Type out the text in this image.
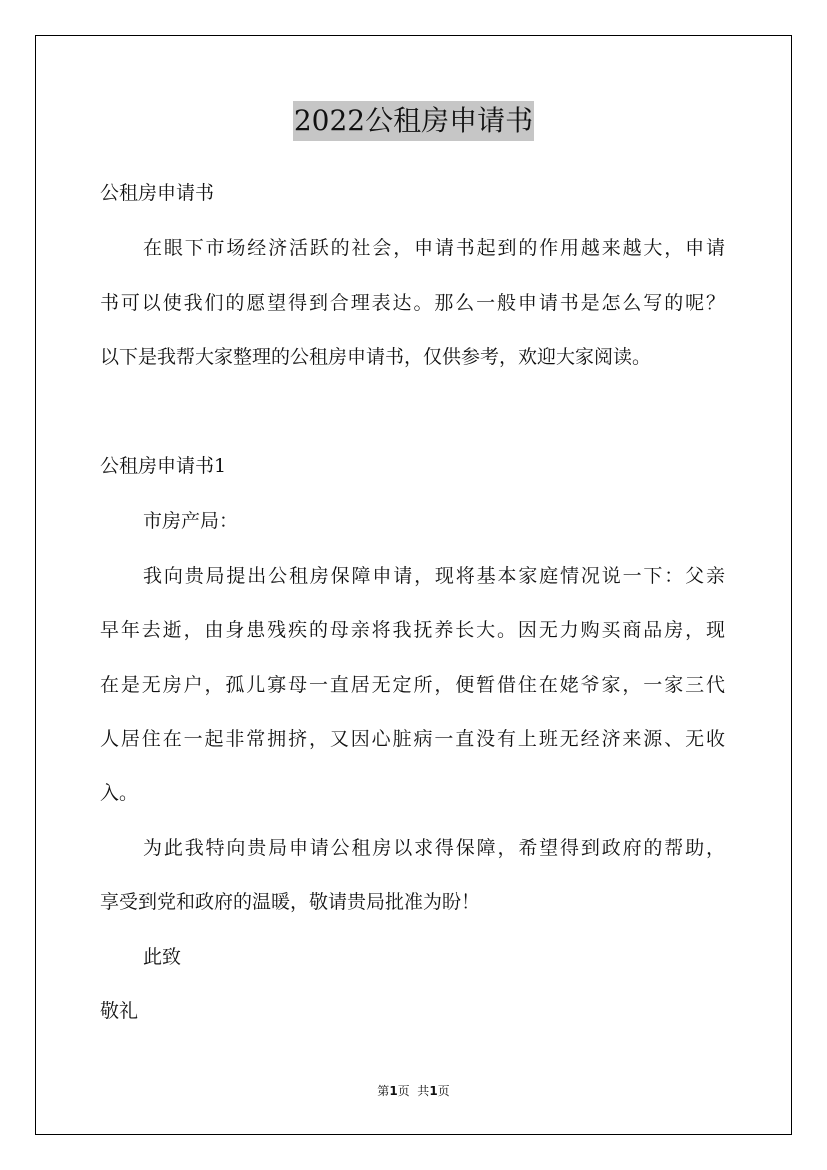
2022公租房申请书
公租房申请书
在眼下市场经济活跃的社会，申请书起到的作用越来越大，申请
书可以使我们的愿望得到合理表达。那么一般申请书是怎么写的呢？
以下是我帮大家整理的公租房申请书，仅供参考，欢迎大家阅读。
公租房申请书1
市房产局：
我向贵局提出公租房保障申请，现将基本家庭情况说一下：父亲
早年去逝，由身患残疾的母亲将我抚养长大。因无力购买商品房，现
在是无房户，孤儿寡母一直居无定所，便暂借住在姥爷家，一家三代
人居住在一起非常拥挤，又因心脏病一直没有上班无经济来源、无收
入。
为此我特向贵局申请公租房以求得保障，希望得到政府的帮助，
享受到党和政府的温暖，敬请贵局批准为盼！
此致
敬礼
第1页  共1页
